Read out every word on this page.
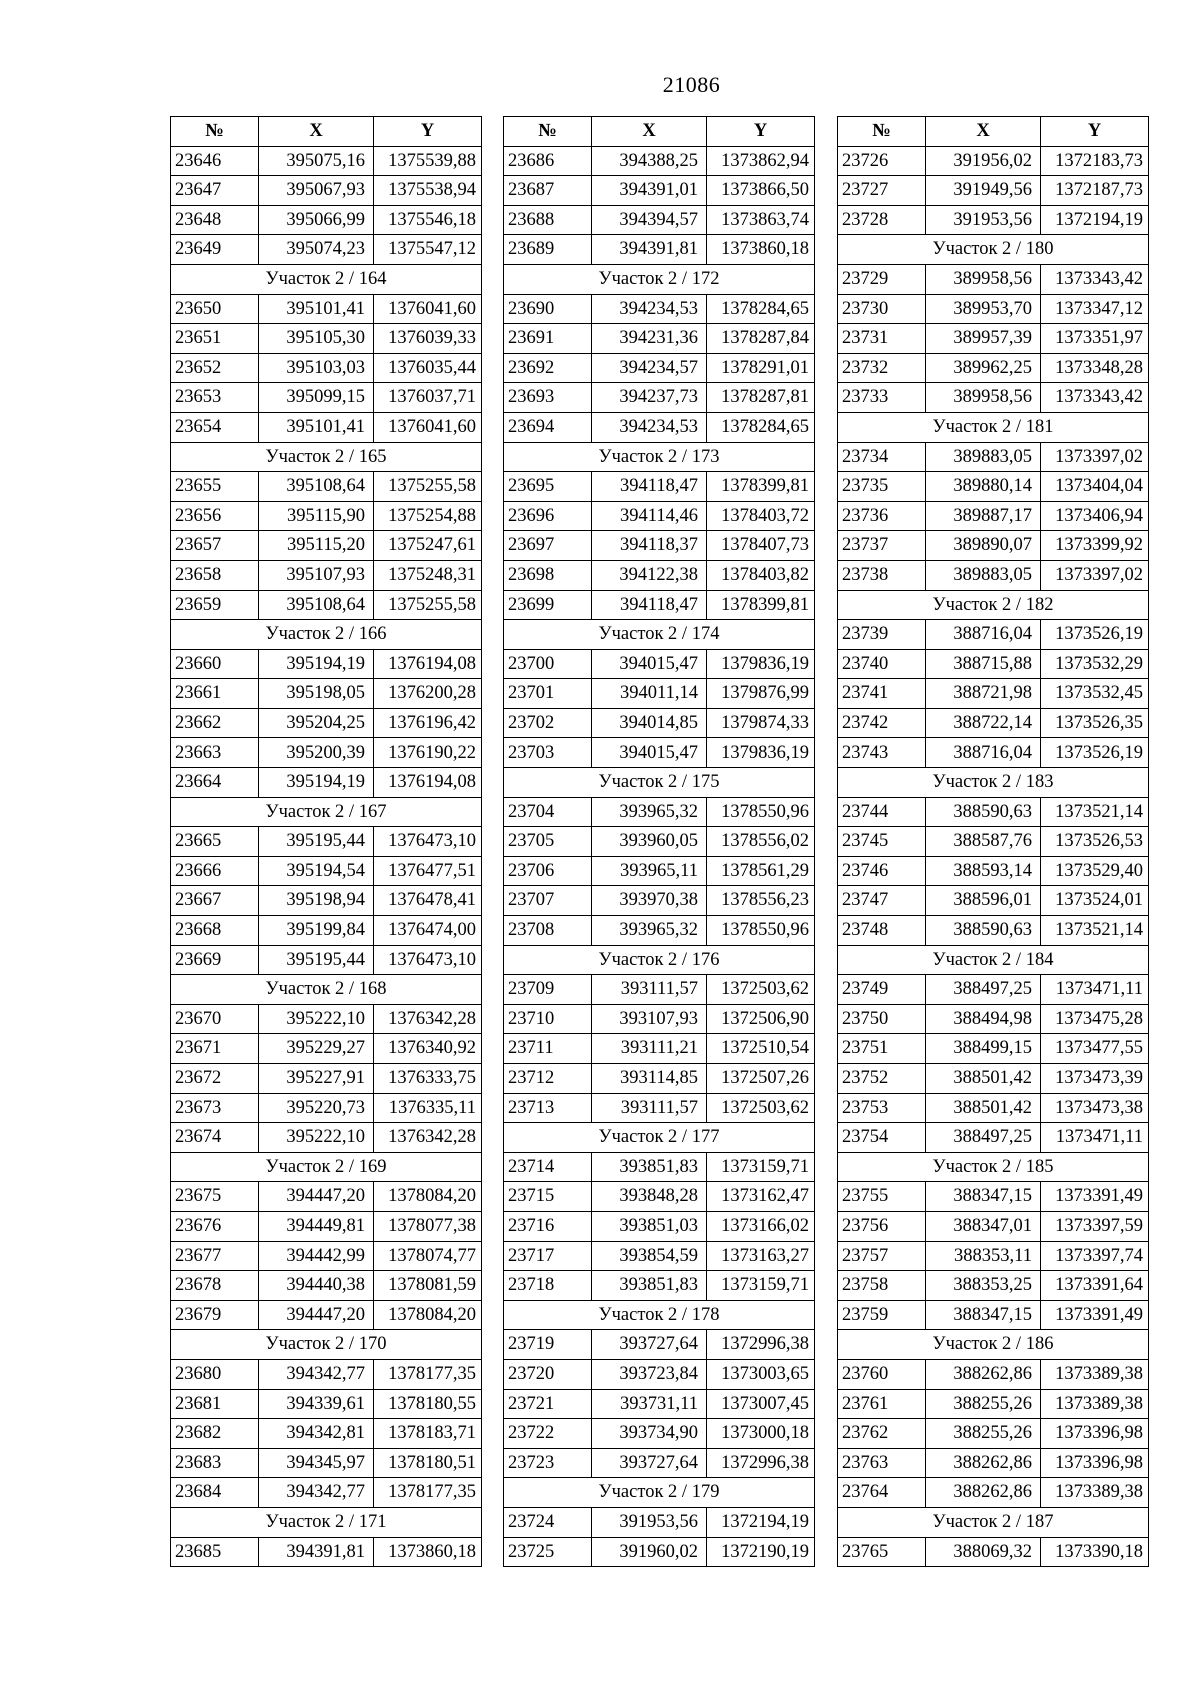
21086
№	X	Y
23646	395075,16	1375539,88
23647	395067,93	1375538,94
23648	395066,99	1375546,18
23649	395074,23	1375547,12
Участок 2 / 164		
23650	395101,41	1376041,60
23651	395105,30	1376039,33
23652	395103,03	1376035,44
23653	395099,15	1376037,71
23654	395101,41	1376041,60
Участок 2 / 165		
23655	395108,64	1375255,58
23656	395115,90	1375254,88
23657	395115,20	1375247,61
23658	395107,93	1375248,31
23659	395108,64	1375255,58
Участок 2 / 166		
23660	395194,19	1376194,08
23661	395198,05	1376200,28
23662	395204,25	1376196,42
23663	395200,39	1376190,22
23664	395194,19	1376194,08
Участок 2 / 167		
23665	395195,44	1376473,10
23666	395194,54	1376477,51
23667	395198,94	1376478,41
23668	395199,84	1376474,00
23669	395195,44	1376473,10
Участок 2 / 168		
23670	395222,10	1376342,28
23671	395229,27	1376340,92
23672	395227,91	1376333,75
23673	395220,73	1376335,11
23674	395222,10	1376342,28
Участок 2 / 169		
23675	394447,20	1378084,20
23676	394449,81	1378077,38
23677	394442,99	1378074,77
23678	394440,38	1378081,59
23679	394447,20	1378084,20
Участок 2 / 170		
23680	394342,77	1378177,35
23681	394339,61	1378180,55
23682	394342,81	1378183,71
23683	394345,97	1378180,51
23684	394342,77	1378177,35
Участок 2 / 171		
23685	394391,81	1373860,18
№	X	Y
23686	394388,25	1373862,94
23687	394391,01	1373866,50
23688	394394,57	1373863,74
23689	394391,81	1373860,18
Участок 2 / 172		
23690	394234,53	1378284,65
23691	394231,36	1378287,84
23692	394234,57	1378291,01
23693	394237,73	1378287,81
23694	394234,53	1378284,65
Участок 2 / 173		
23695	394118,47	1378399,81
23696	394114,46	1378403,72
23697	394118,37	1378407,73
23698	394122,38	1378403,82
23699	394118,47	1378399,81
Участок 2 / 174		
23700	394015,47	1379836,19
23701	394011,14	1379876,99
23702	394014,85	1379874,33
23703	394015,47	1379836,19
Участок 2 / 175		
23704	393965,32	1378550,96
23705	393960,05	1378556,02
23706	393965,11	1378561,29
23707	393970,38	1378556,23
23708	393965,32	1378550,96
Участок 2 / 176		
23709	393111,57	1372503,62
23710	393107,93	1372506,90
23711	393111,21	1372510,54
23712	393114,85	1372507,26
23713	393111,57	1372503,62
Участок 2 / 177		
23714	393851,83	1373159,71
23715	393848,28	1373162,47
23716	393851,03	1373166,02
23717	393854,59	1373163,27
23718	393851,83	1373159,71
Участок 2 / 178		
23719	393727,64	1372996,38
23720	393723,84	1373003,65
23721	393731,11	1373007,45
23722	393734,90	1373000,18
23723	393727,64	1372996,38
Участок 2 / 179		
23724	391953,56	1372194,19
23725	391960,02	1372190,19
№	X	Y
23726	391956,02	1372183,73
23727	391949,56	1372187,73
23728	391953,56	1372194,19
Участок 2 / 180		
23729	389958,56	1373343,42
23730	389953,70	1373347,12
23731	389957,39	1373351,97
23732	389962,25	1373348,28
23733	389958,56	1373343,42
Участок 2 / 181		
23734	389883,05	1373397,02
23735	389880,14	1373404,04
23736	389887,17	1373406,94
23737	389890,07	1373399,92
23738	389883,05	1373397,02
Участок 2 / 182		
23739	388716,04	1373526,19
23740	388715,88	1373532,29
23741	388721,98	1373532,45
23742	388722,14	1373526,35
23743	388716,04	1373526,19
Участок 2 / 183		
23744	388590,63	1373521,14
23745	388587,76	1373526,53
23746	388593,14	1373529,40
23747	388596,01	1373524,01
23748	388590,63	1373521,14
Участок 2 / 184		
23749	388497,25	1373471,11
23750	388494,98	1373475,28
23751	388499,15	1373477,55
23752	388501,42	1373473,39
23753	388501,42	1373473,38
23754	388497,25	1373471,11
Участок 2 / 185		
23755	388347,15	1373391,49
23756	388347,01	1373397,59
23757	388353,11	1373397,74
23758	388353,25	1373391,64
23759	388347,15	1373391,49
Участок 2 / 186		
23760	388262,86	1373389,38
23761	388255,26	1373389,38
23762	388255,26	1373396,98
23763	388262,86	1373396,98
23764	388262,86	1373389,38
Участок 2 / 187		
23765	388069,32	1373390,18
